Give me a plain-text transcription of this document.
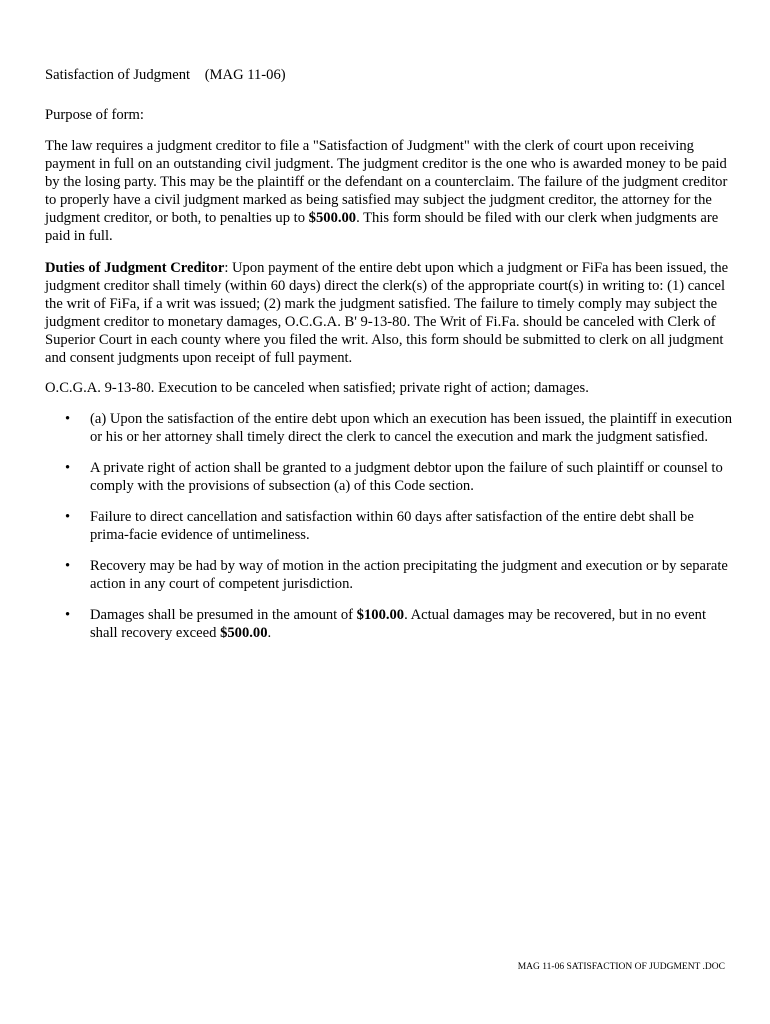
Satisfaction of Judgment    (MAG 11-06)
Purpose of form:

The law requires a judgment creditor to file a "Satisfaction of Judgment" with the clerk of court upon receiving payment in full on an outstanding civil judgment. The judgment creditor is the one who is awarded money to be paid by the losing party. This may be the plaintiff or the defendant on a counterclaim. The failure of the judgment creditor to properly have a civil judgment marked as being satisfied may subject the judgment creditor, the attorney for the judgment creditor, or both, to penalties up to $500.00. This form should be filed with our clerk when judgments are paid in full.

Duties of Judgment Creditor: Upon payment of the entire debt upon which a judgment or FiFa has been issued, the judgment creditor shall timely (within 60 days) direct the clerk(s) of the appropriate court(s) in writing to: (1) cancel the writ of FiFa, if a writ was issued; (2) mark the judgment satisfied. The failure to timely comply may subject the judgment creditor to monetary damages, O.C.G.A. B' 9-13-80. The Writ of Fi.Fa. should be canceled with Clerk of Superior Court in each county where you filed the writ. Also, this form should be submitted to clerk on all judgment and consent judgments upon receipt of full payment.

O.C.G.A. 9-13-80. Execution to be canceled when satisfied; private right of action; damages.

• (a) Upon the satisfaction of the entire debt upon which an execution has been issued, the plaintiff in execution or his or her attorney shall timely direct the clerk to cancel the execution and mark the judgment satisfied.
• A private right of action shall be granted to a judgment debtor upon the failure of such plaintiff or counsel to comply with the provisions of subsection (a) of this Code section.
• Failure to direct cancellation and satisfaction within 60 days after satisfaction of the entire debt shall be prima-facie evidence of untimeliness.
• Recovery may be had by way of motion in the action precipitating the judgment and execution or by separate action in any court of competent jurisdiction.
• Damages shall be presumed in the amount of $100.00. Actual damages may be recovered, but in no event shall recovery exceed $500.00.
MAG 11-06 SATISFACTION OF JUDGMENT .DOC
